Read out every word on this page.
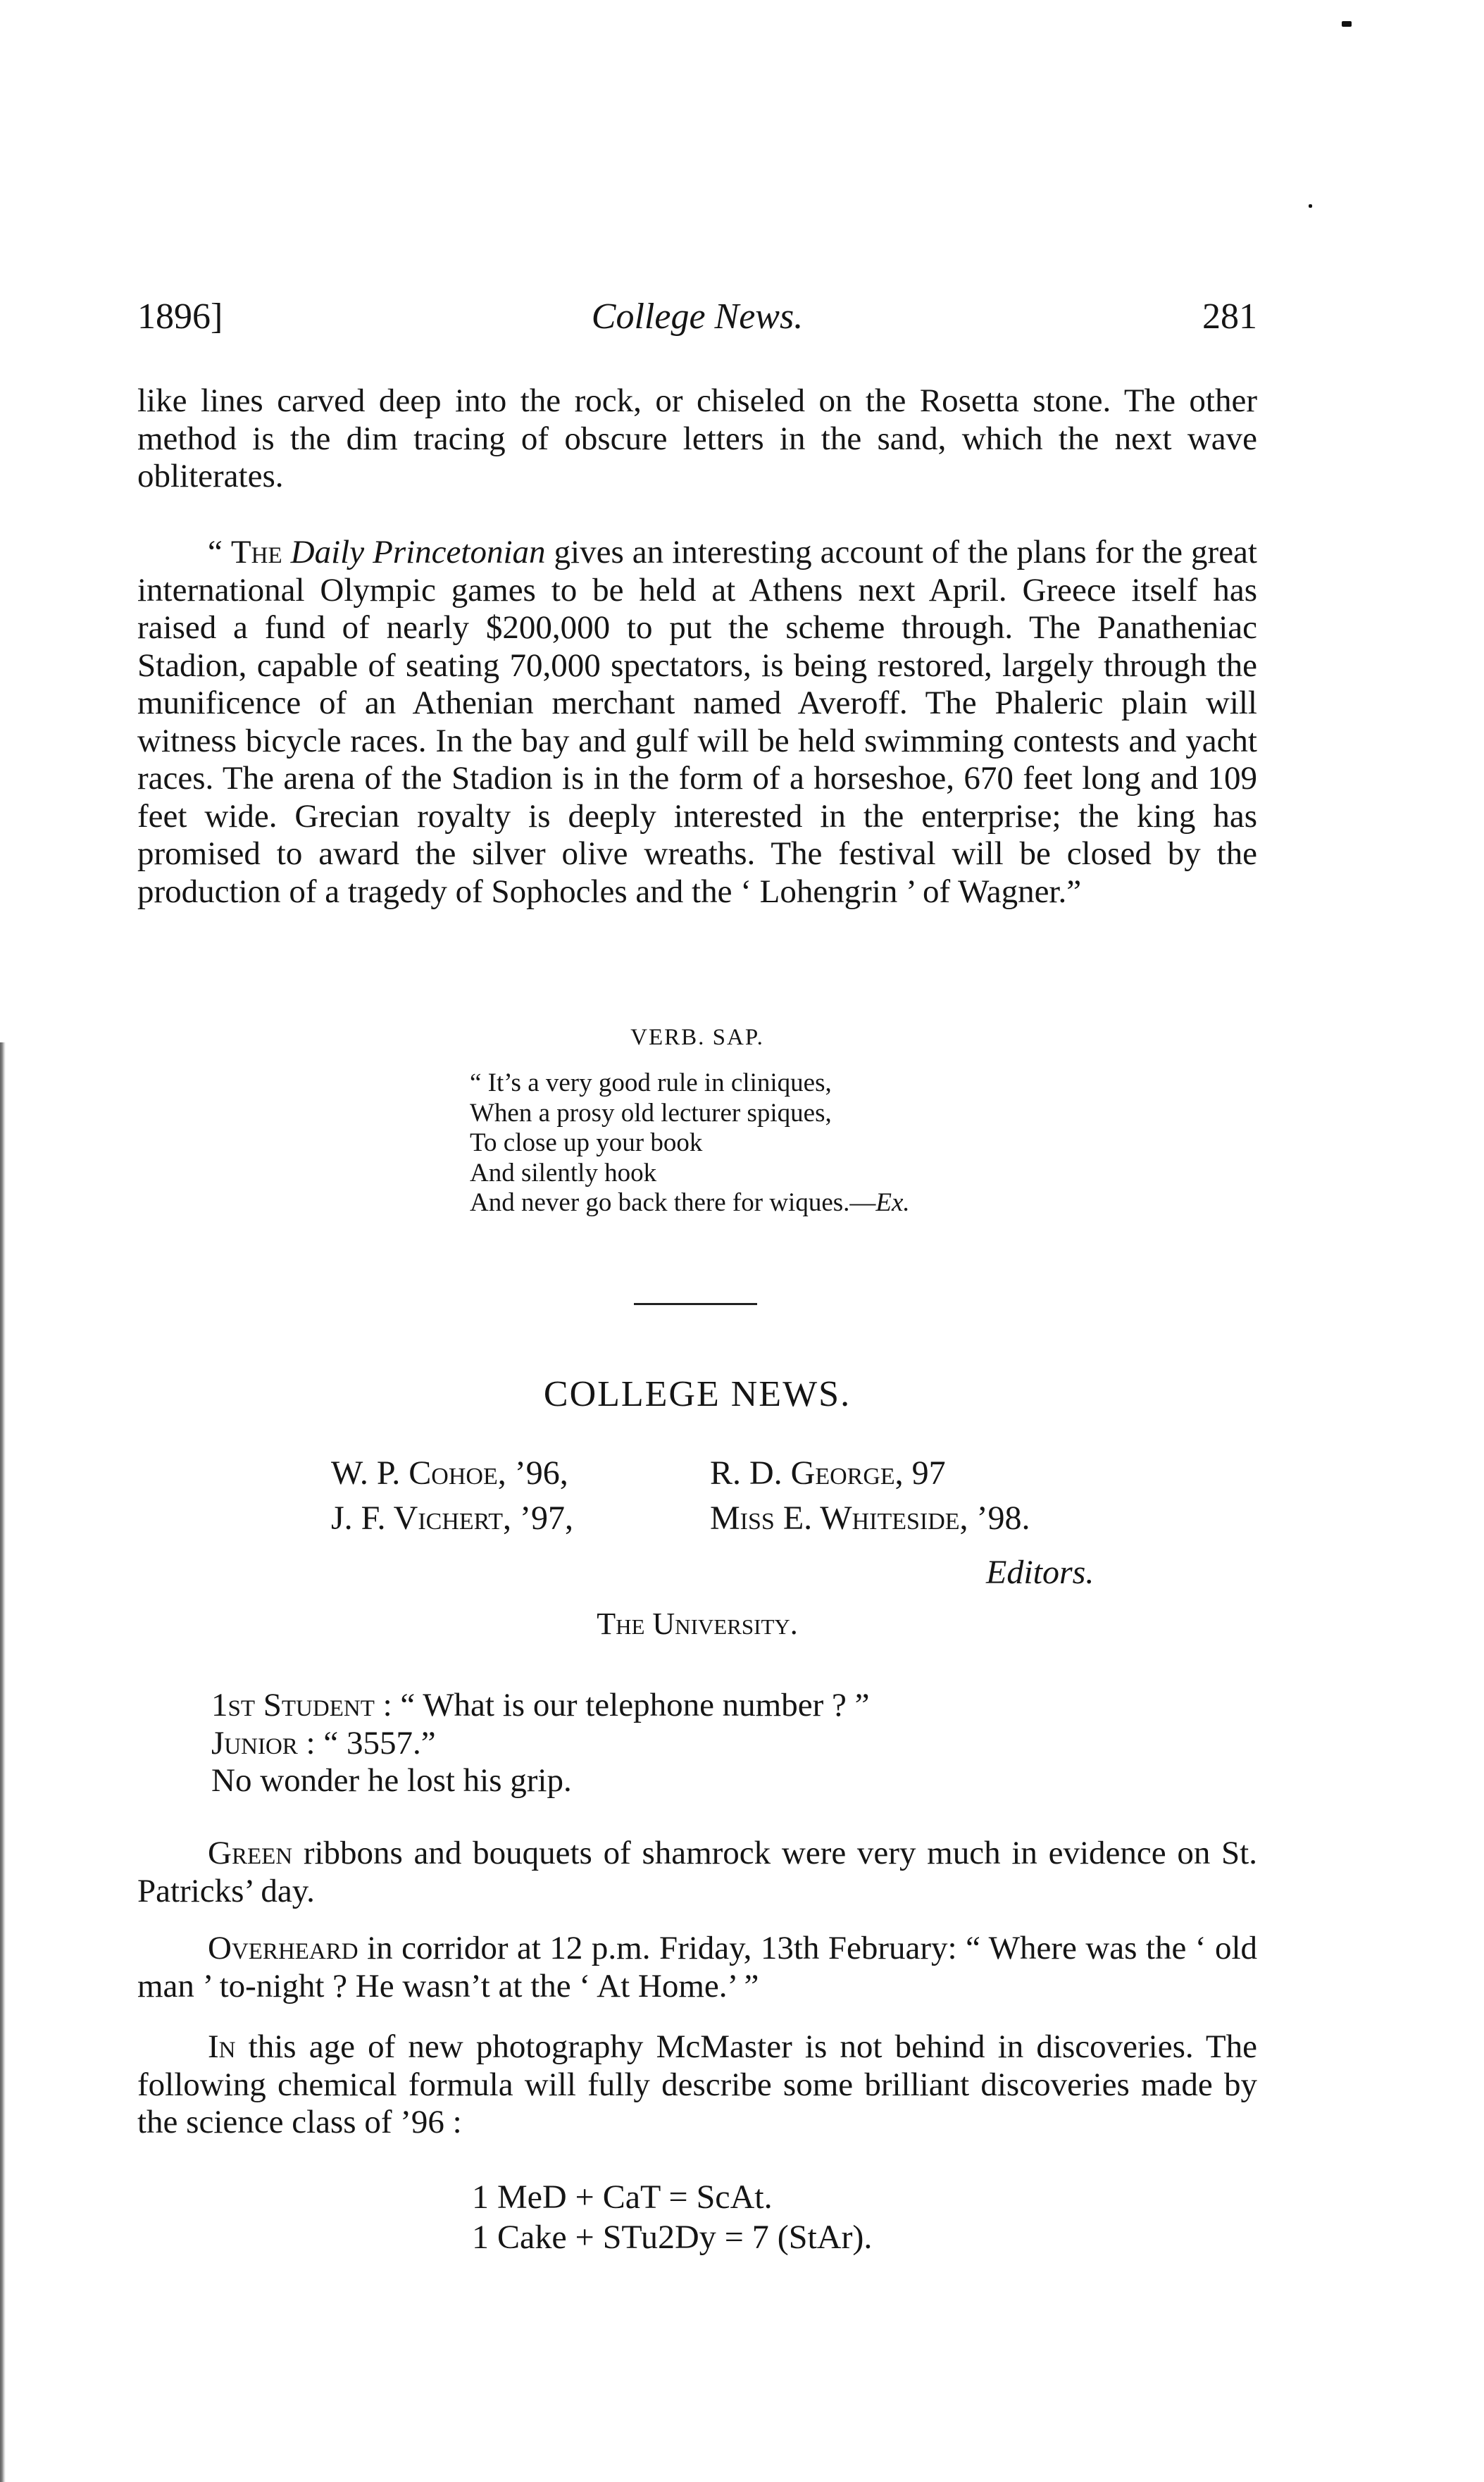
1896]	College News.	281

like lines carved deep into the rock, or chiseled on the Rosetta stone. The other method is the dim tracing of obscure letters in the sand, which the next wave obliterates.

“ The Daily Princetonian gives an interesting account of the plans for the great international Olympic games to be held at Athens next April. Greece itself has raised a fund of nearly $200,000 to put the scheme through. The Panatheniac Stadion, capable of seating 70,000 spectators, is being restored, largely through the munificence of an Athenian merchant named Averoff. The Phaleric plain will witness bicycle races. In the bay and gulf will be held swimming contests and yacht races. The arena of the Stadion is in the form of a horseshoe, 670 feet long and 109 feet wide. Grecian royalty is deeply interested in the enterprise; the king has promised to award the silver olive wreaths. The festival will be closed by the production of a tragedy of Sophocles and the ‘ Lohengrin ’ of Wagner.”

VERB. SAP.
“ It’s a very good rule in cliniques,
When a prosy old lecturer spiques,
To close up your book
And silently hook
And never go back there for wiques.—Ex.
COLLEGE NEWS.
W. P. Cohoe, ’96,
J. F. Vichert, ’97,
R. D. George, 97
Miss E. Whiteside, ’98.
Editors.
The University.
1st Student : “ What is our telephone number ? ”
Junior : “ 3557.”
No wonder he lost his grip.

Green ribbons and bouquets of shamrock were very much in evidence on St. Patricks’ day.

Overheard in corridor at 12 p.m. Friday, 13th February: “ Where was the ‘ old man ’ to-night ? He wasn’t at the ‘ At Home.’ ”

In this age of new photography McMaster is not behind in discoveries. The following chemical formula will fully describe some brilliant discoveries made by the science class of ’96 :

1 MeD + CaT = ScAt.
1 Cake + STu2Dy = 7 (StAr).
